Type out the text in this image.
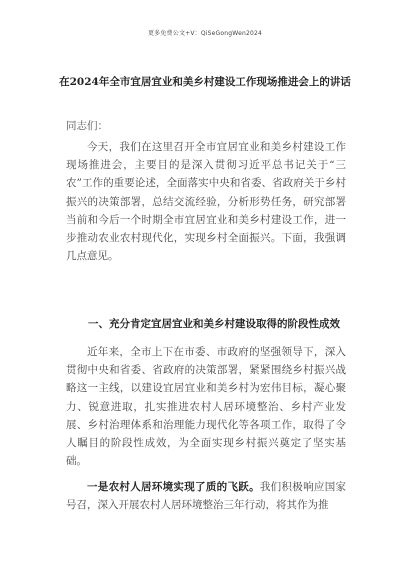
更多免费公文+V：QiSeGongWen2024
在2024年全市宜居宜业和美乡村建设工作现场推进会上的讲话
同志们：
今天，我们在这里召开全市宜居宜业和美乡村建设工作现场推进会，主要目的是深入贯彻习近平总书记关于“三农”工作的重要论述，全面落实中央和省委、省政府关于乡村振兴的决策部署，总结交流经验，分析形势任务，研究部署当前和今后一个时期全市宜居宜业和美乡村建设工作，进一步推动农业农村现代化，实现乡村全面振兴。下面，我强调几点意见。
一、充分肯定宜居宜业和美乡村建设取得的阶段性成效
近年来，全市上下在市委、市政府的坚强领导下，深入贯彻中央和省委、省政府的决策部署，紧紧围绕乡村振兴战略这一主线，以建设宜居宜业和美乡村为宏伟目标，凝心聚力、锐意进取，扎实推进农村人居环境整治、乡村产业发展、乡村治理体系和治理能力现代化等各项工作，取得了令人瞩目的阶段性成效，为全面实现乡村振兴奠定了坚实基础。
一是农村人居环境实现了质的飞跃。我们积极响应国家号召，深入开展农村人居环境整治三年行动，将其作为推
